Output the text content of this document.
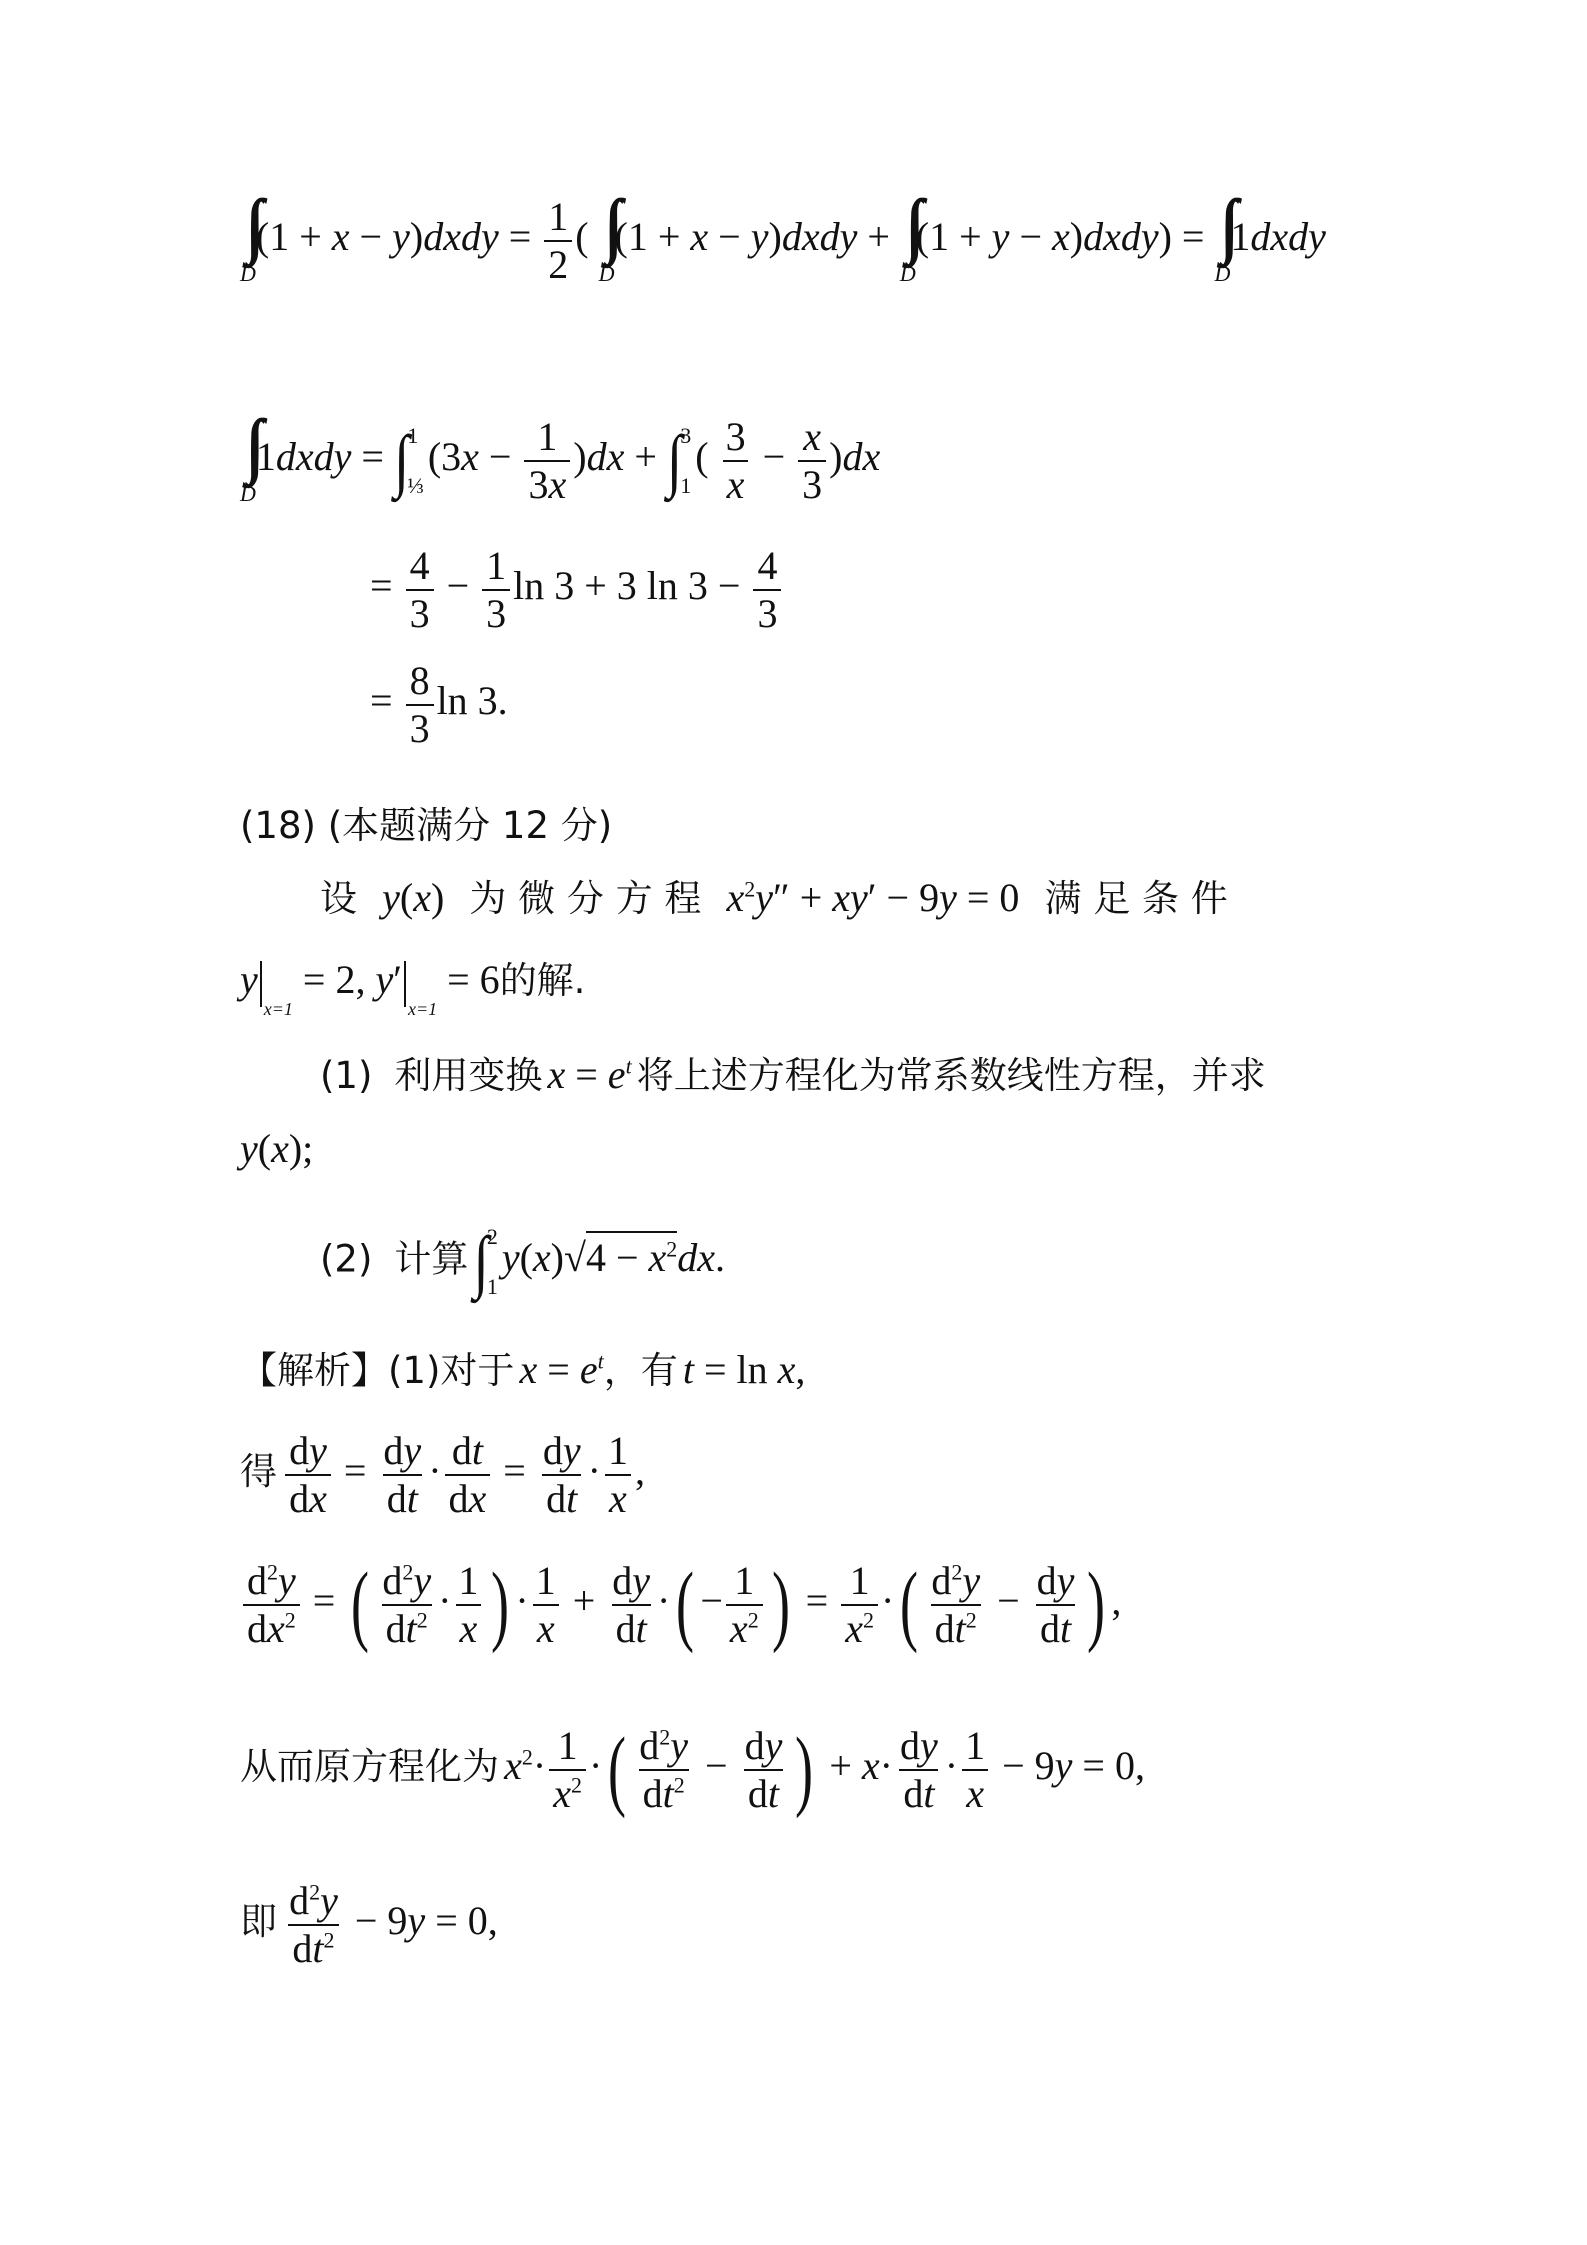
∫∫
D
(1 + x − y)dxdy = $\frac{1}{2}$ ( ∫∫
D
(1 + x − y)dxdy + ∫∫
D
(1 + y − x)dxdy) = ∫∫
D
1dxdy
∫∫
D
1dxdy = ∫
1
⅓
$(3x - \frac{1}{3x} )dx$ + ∫
3
1
( $\frac{3}{x} - \frac{x}{3} )dx$
= $\frac{4}{3} - \frac{1}{3}$ ln 3 + 3 $\ln 3 - \frac{4}{3}$
= $\frac{8}{3}$ ln 3.
(18) (本题满分 12 分)
设 y(x)   为 微 分 方 程 $x^2y'' + xy' - 9y = 0$   满 足 条 件
$y_{x=1} = 2$, $y'_{x=1} = 6$的解.
(1) 利用变换 $x = e^t$ 将上述方程化为常系数线性方程，并求
y(x);
(2) 计算 ∫
2
1
$y(x)√4 - x^2dx$.
【解析】(1)对于 $x = e^t$，有 t = ln x,
得 $\frac{dy}{dx} = \frac{dy}{dt} \cdot \frac{dt}{dx} = \frac{dy}{dt} \cdot \frac{1}{x}$ ,
$\frac{d^2y}{dx^2}$ = ( $\frac{d^2y}{dt^2} \cdot \frac{1}{x}$ ) · $\frac{1}{x} + \frac{dy}{dt}$ ·( − $\frac{1}{x^2}$ ) = $\frac{1}{x^2}$ ·( $\frac{d^2y}{dt^2} - \frac{dy}{dt}$ ) ,
从而原方程化为 $x^2\cdot \frac{1}{x^2}$ ·( $\frac{d^2y}{dt^2} - \frac{dy}{dt}$ ) + $x\cdot \frac{dy}{dt} \cdot \frac{1}{x} - 9y = 0$,
即 $\frac{d^2y}{dt^2} - 9y = 0$,
